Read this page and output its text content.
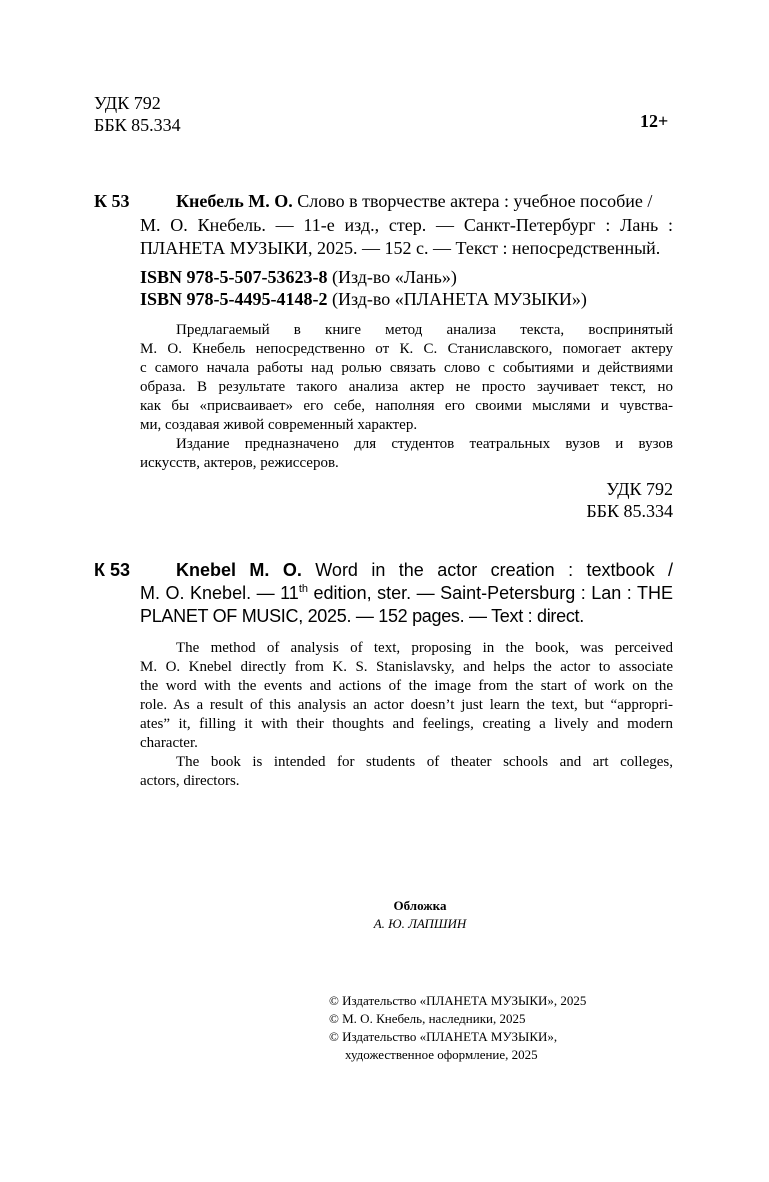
УДК 792
ББК 85.334	12+
К 53	Кнебель М. О. Слово в творчестве актера : учебное пособие /
М. О. Кнебель. — 11-е изд., стер. — Санкт-Петербург : Лань :
ПЛАНЕТА МУЗЫКИ, 2025. — 152 с. — Текст : непосредственный.
ISBN 978-5-507-53623-8 (Изд-во «Лань»)
ISBN 978-5-4495-4148-2 (Изд-во «ПЛАНЕТА МУЗЫКИ»)
Предлагаемый в книге метод анализа текста, воспринятый
М. О. Кнебель непосредственно от К. С. Станиславского, помогает актеру
с самого начала работы над ролью связать слово с событиями и действиями
образа. В результате такого анализа актер не просто заучивает текст, но
как бы «присваивает» его себе, наполняя его своими мыслями и чувства-
ми, создавая живой современный характер.
Издание предназначено для студентов театральных вузов и вузов
искусств, актеров, режиссеров.
УДК 792
ББК 85.334
К 53	Knebel M. O. Word in the actor creation : textbook /
M. O. Knebel. — 11th edition, ster. — Saint-Petersburg : Lan : THE
PLANET OF MUSIC, 2025. — 152 pages. — Text : direct.
The method of analysis of text, proposing in the book, was perceived
M. O. Knebel directly from K. S. Stanislavsky, and helps the actor to associate
the word with the events and actions of the image from the start of work on the
role. As a result of this analysis an actor doesn’t just learn the text, but “appropri-
ates” it, filling it with their thoughts and feelings, creating a lively and modern
character.
The book is intended for students of theater schools and art colleges,
actors, directors.
Обложка
А. Ю. ЛАПШИН
© Издательство «ПЛАНЕТА МУЗЫКИ», 2025
© М. О. Кнебель, наследники, 2025
© Издательство «ПЛАНЕТА МУЗЫКИ»,
художественное оформление, 2025
